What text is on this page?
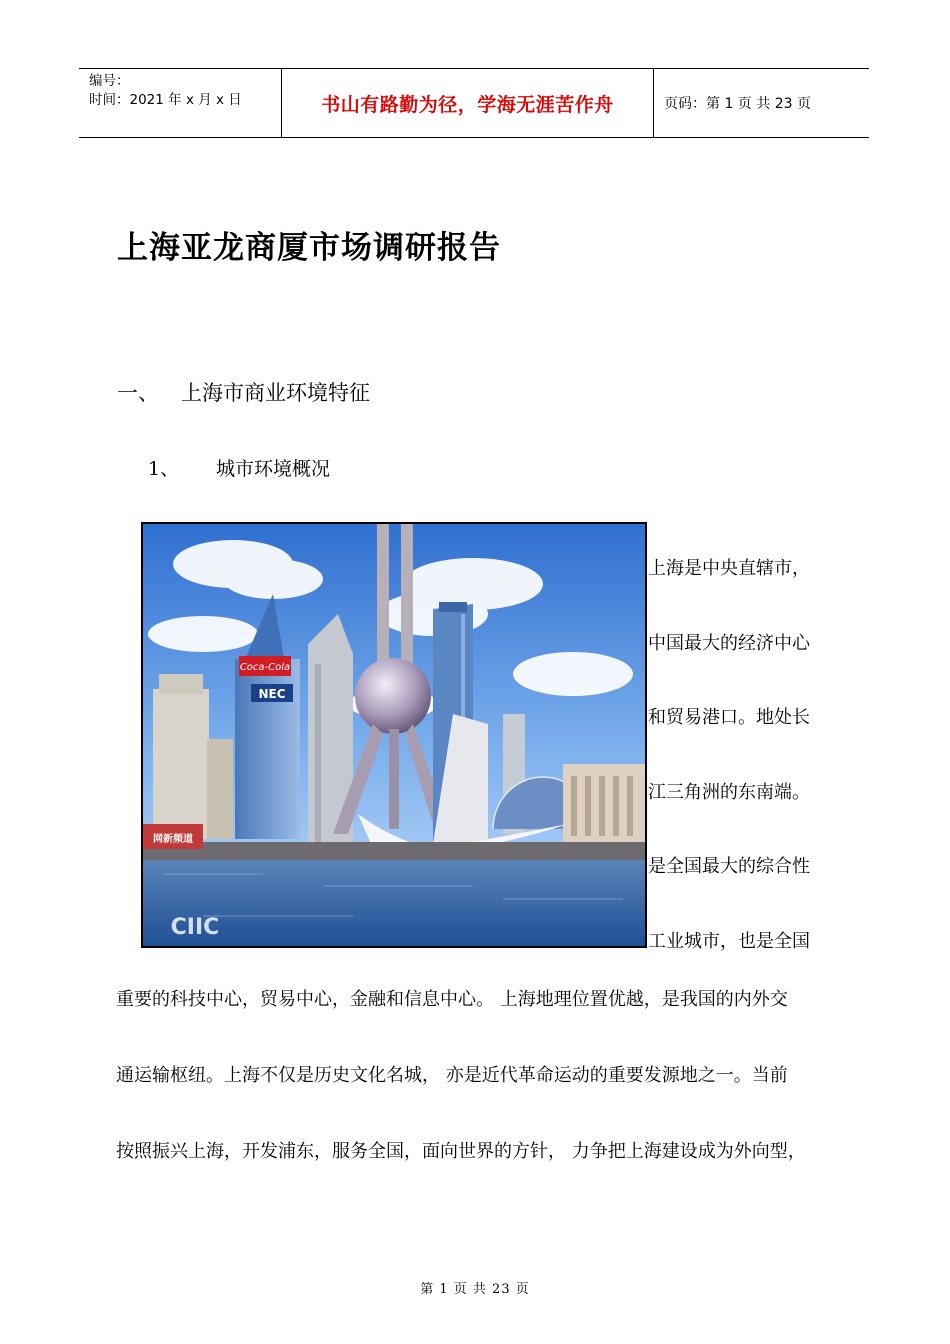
编号：
时间：2021 年 x 月 x 日	书山有路勤为径，学海无涯苦作舟	页码：第 1 页 共 23 页
上海亚龙商厦市场调研报告
一、	上海市商业环境特征
1、	城市环境概况
Coca-Cola
NEC
网新频道
CIIC
上海是中央直辖市，
中国最大的经济中心
和贸易港口。地处长
江三角洲的东南端。
是全国最大的综合性
工业城市，也是全国
重要的科技中心，贸易中心，金融和信息中心。 上海地理位置优越，是我国的内外交
通运输枢纽。上海不仅是历史文化名城， 亦是近代革命运动的重要发源地之一。当前
按照振兴上海，开发浦东，服务全国，面向世界的方针， 力争把上海建设成为外向型，
第 1 页 共 23 页
